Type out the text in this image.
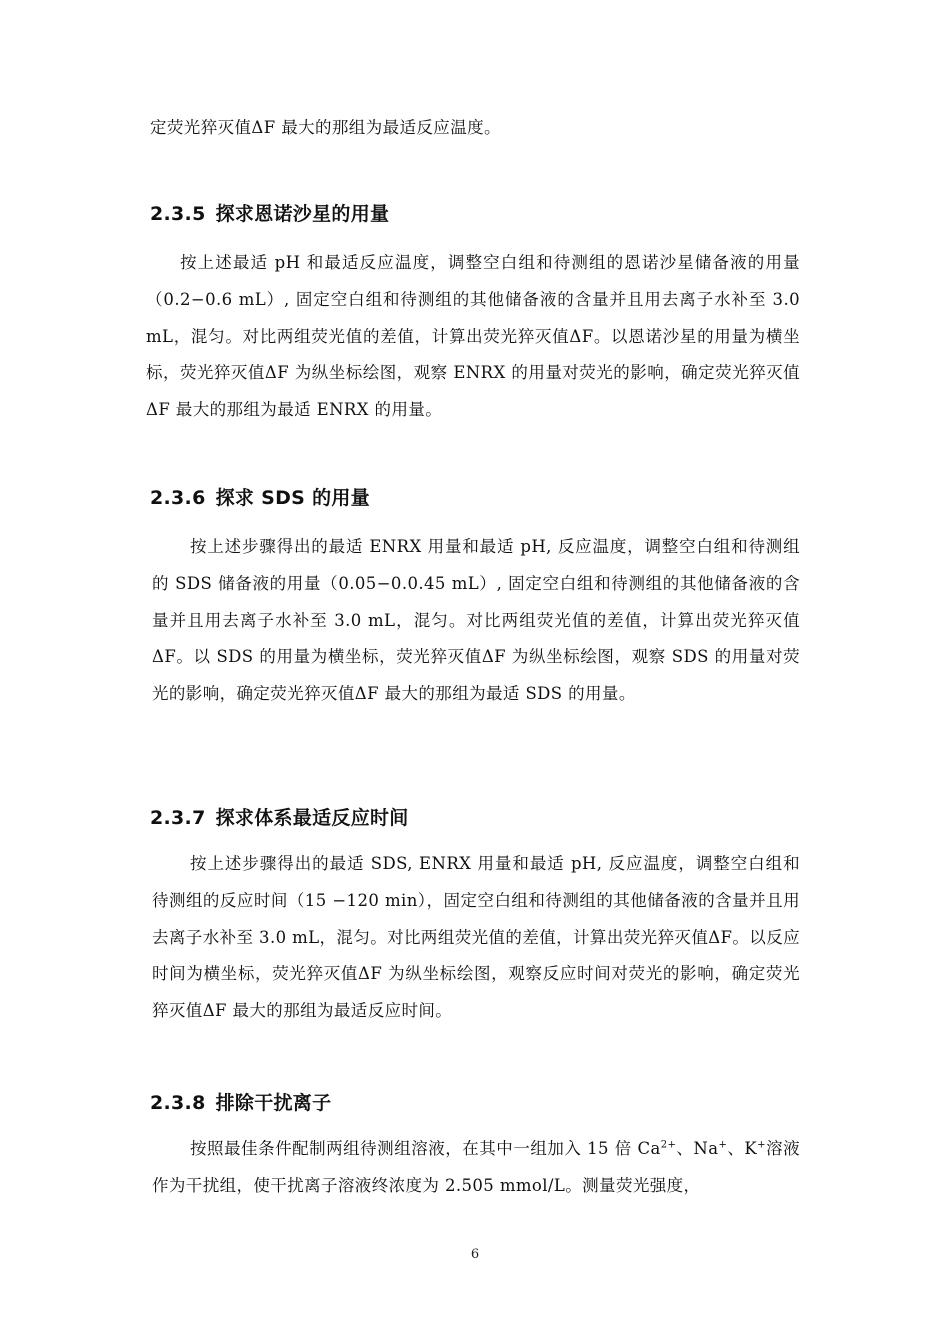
定荧光猝灭值ΔF 最大的那组为最适反应温度。
2.3.5 探求恩诺沙星的用量
按上述最适 pH 和最适反应温度，调整空白组和待测组的恩诺沙星储备液的用量（0.2−0.6 mL）, 固定空白组和待测组的其他储备液的含量并且用去离子水补至 3.0 mL，混匀。对比两组荧光值的差值，计算出荧光猝灭值ΔF。以恩诺沙星的用量为横坐标，荧光猝灭值ΔF 为纵坐标绘图，观察 ENRX 的用量对荧光的影响，确定荧光猝灭值ΔF 最大的那组为最适 ENRX 的用量。
2.3.6 探求 SDS 的用量
按上述步骤得出的最适 ENRX 用量和最适 pH, 反应温度，调整空白组和待测组的 SDS 储备液的用量（0.05−0.0.45 mL）, 固定空白组和待测组的其他储备液的含量并且用去离子水补至 3.0 mL，混匀。对比两组荧光值的差值，计算出荧光猝灭值ΔF。以 SDS 的用量为横坐标，荧光猝灭值ΔF 为纵坐标绘图，观察 SDS 的用量对荧光的影响，确定荧光猝灭值ΔF 最大的那组为最适 SDS 的用量。
2.3.7 探求体系最适反应时间
按上述步骤得出的最适 SDS, ENRX 用量和最适 pH, 反应温度，调整空白组和待测组的反应时间（15 −120 min），固定空白组和待测组的其他储备液的含量并且用去离子水补至 3.0 mL，混匀。对比两组荧光值的差值，计算出荧光猝灭值ΔF。以反应时间为横坐标，荧光猝灭值ΔF 为纵坐标绘图，观察反应时间对荧光的影响，确定荧光猝灭值ΔF 最大的那组为最适反应时间。
2.3.8 排除干扰离子
按照最佳条件配制两组待测组溶液，在其中一组加入 15 倍 $Ca^{2+}$、Na+、K+溶液作为干扰组，使干扰离子溶液终浓度为 2.505 mmol/L。测量荧光强度，
6
